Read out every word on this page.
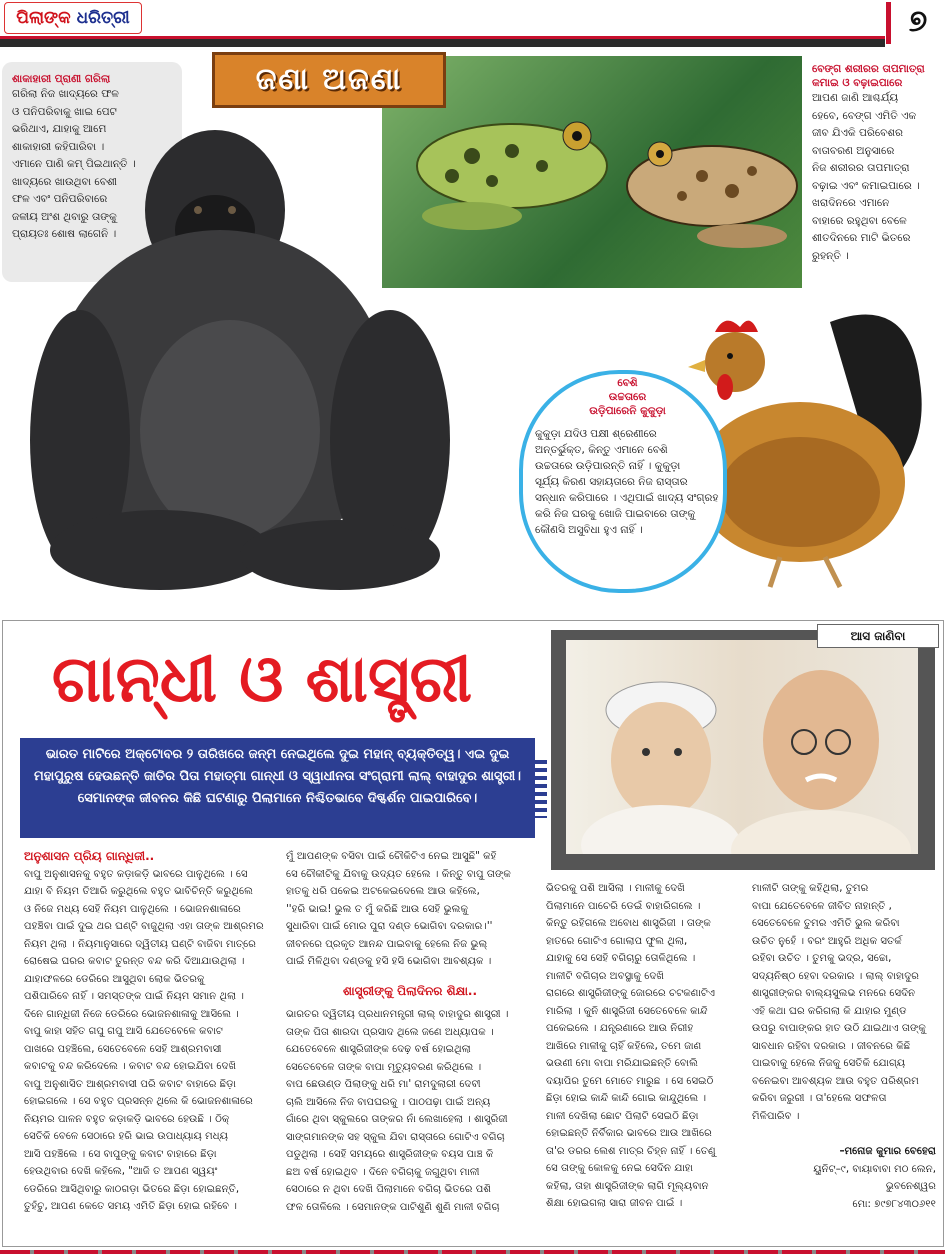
ପିଲାଙ୍କ ଧରିତ୍ରୀ	୭
ଶାକାହାରୀ ପ୍ରାଣୀ ଗରିଲା
ଗରିଲା ନିଜ ଖାଦ୍ୟରେ ଫଳ
ଓ ପନିପରିବାକୁ ଖାଇ ପେଟ
ଭରିଥାଏ, ଯାହାକୁ ଆମେ
ଶାକାହାରୀ କହିପାରିବା ।
ଏମାନେ ପାଣି କମ୍ ପିଇଥାନ୍ତି ।
ଖାଦ୍ୟରେ ଖାଉଥିବା ବେଶୀ
ଫଳ ଏବଂ ପନିପରିବାରେ
ଜଳୀୟ ଅଂଶ ଥିବାରୁ ତାଙ୍କୁ
ପ୍ରାୟତଃ ଶୋଷ ଲାଗେନି ।
ଜଣା ଅଜଣା	ବେଙ୍ଗ ଶରୀରର ତାପମାତ୍ରା
କମାଇ ଓ ବଢ଼ାଇପାରେ
ଆପଣ ଜାଣି ଆଶ୍ଚର୍ଯ୍ୟ
ହେବେ, ବେଙ୍ଗ ଏମିତି ଏକ
ଜୀବ ଯିଏକି ପରିବେଶର
ବାତାବରଣ ଅନୁସାରେ
ନିଜ ଶରୀରର ତାପମାତ୍ରା
ବଢ଼ାଇ ଏବଂ କମାଇପାରେ ।
ଖରାଦିନରେ ଏମାନେ
ବାହାରେ ରହୁଥିବା ବେଳେ
ଶୀତଦିନରେ ମାଟି ଭିତରେ
ରୁହନ୍ତି ।
ବେଶି
ଉଚ୍ଚତାରେ
ଉଡ଼ିପାରେନି କୁକୁଡ଼ା
କୁକୁଡ଼ା ଯଦିଓ ପକ୍ଷୀ ଶ୍ରେଣୀରେ
ଅନ୍ତର୍ଭୁକ୍ତ, କିନ୍ତୁ ଏମାନେ ବେଶି
ଉଚ୍ଚତାରେ ଉଡ଼ିପାରନ୍ତି ନାହିଁ । କୁକୁଡ଼ା
ସୂର୍ଯ୍ୟ କିରଣ ସହାୟତାରେ ନିଜ ରାସ୍ତାର
ସନ୍ଧାନ କରିପାରେ । ଏଥିପାଇଁ ଖାଦ୍ୟ ସଂଗ୍ରହ
କରି ନିଜ ଘରକୁ ଖୋଜି ପାଇବାରେ ତାଙ୍କୁ
କୌଣସି ଅସୁବିଧା ହୁଏ ନାହିଁ ।
ଗାନ୍ଧୀ ଓ ଶାସ୍ତ୍ରୀ
ଆସ ଜାଣିବା
ଭାରତ ମାଟିରେ ଅକ୍ଟୋବର ୨ ତାରିଖରେ ଜନ୍ମ ନେଇଥିଲେ ଦୁଇ ମହାନ୍ ବ୍ୟକ୍ତିତ୍ୱ। ଏଇ ଦୁଇ
ମହାପୁରୁଷ ହେଉଛନ୍ତି ଜାତିର ପିତା ମହାତ୍ମା ଗାନ୍ଧୀ ଓ ସ୍ୱାଧୀନତା ସଂଗ୍ରାମୀ ଲାଲ୍ ବାହାଦୁର ଶାସ୍ତ୍ରୀ।
ସେମାନଙ୍କ ଜୀବନର କିଛି ଘଟଣାରୁ ପିଲାମାନେ ନିଶ୍ଚିତଭାବେ ଦିଗ୍ଦର୍ଶନ ପାଇପାରିବେ।
ଅନୁଶାସନ ପ୍ରିୟ ଗାନ୍ଧିଜୀ..
ବାପୁ ଅନୁଶାସନକୁ ବହୁତ କଡ଼ାକଡ଼ି ଭାବରେ ପାଳୁଥିଲେ । ସେ
ଯାହା ବି ନିୟମ ତିଆରି କରୁଥିଲେ ବହୁତ ଭାବିଚିନ୍ତି କରୁଥିଲେ
ଓ ନିଜେ ମଧ୍ୟ ସେହି ନିୟମ ପାଳୁଥିଲେ । ଭୋଜନଶାଳାରେ
ପହଞ୍ଚିବା ପାଇଁ ଦୁଇ ଥର ଘଣ୍ଟି ବାଜୁଥିଲା ଏହା ତାଙ୍କ ଆଶ୍ରମର
ନିୟମ ଥିଲା । ନିୟମାନୁସାରେ ଦ୍ୱିତୀୟ ଘଣ୍ଟି ବାଜିବା ମାତ୍ରେ
ରୋଷେଇ ଘରର କବାଟ ତୁରନ୍ତ ବନ୍ଦ କରି ଦିଆଯାଉଥିଲା ।
ଯାହାଫଳରେ ଡେରିରେ ଆସୁଥିବା ଲୋକ ଭିତରକୁ
ପଶିପାରିବେ ନାହିଁ । ସମସ୍ତଙ୍କ ପାଇଁ ନିୟମ ସମାନ ଥିଲା ।
ଦିନେ ଗାନ୍ଧିଜୀ ନିଜେ ଡେରିରେ ଭୋଜନଶାଳାକୁ ଆସିଲେ ।
ବାପୁ କାହା ସହିତ ଗପୁ ଗପୁ ଆସି ଯେତେବେଳେ କବାଟ
ପାଖରେ ପହଞ୍ଚିଲେ, ସେତେବେଳେ ସେହି ଆଶ୍ରମବାସୀ
କବାଟକୁ ବନ୍ଦ କରିଦେଲେ । କବାଟ ବନ୍ଦ ହୋଇଯିବା ଦେଖି
ବାପୁ ଅନୁଶାସିତ ଆଶ୍ରମବାସୀ ପରି କବାଟ ବାହାରେ ଛିଡ଼ା
ହୋଇଗଲେ । ସେ ବହୁତ ପ୍ରସନ୍ନ ଥିଲେ କି ଭୋଜନଶାଳାରେ
ନିୟମର ପାଳନ ବହୁତ କଡ଼ାକଡ଼ି ଭାବରେ ହେଉଛି । ଠିକ୍
ସେତିକି ବେଳେ ସେଠାରେ ହରି ଭାଇ ଉପାଧ୍ୟାୟ ମଧ୍ୟ
ଆସି ପହଞ୍ଚିଲେ । ସେ ବାପୁଙ୍କୁ କବାଟ ବାହାରେ ଛିଡ଼ା
ହେଉଥିବାର ଦେଖି କହିଲେ, "ଆଜି ତ ଆପଣ ସ୍ୱୟଂ
ଡେରିରେ ଆସିଥିବାରୁ କାଠଗଡ଼ା ଭିତରେ ଛିଡ଼ା ହୋଇଛନ୍ତି,
ତୁହଁଚୁ, ଆପଣ କେତେ ସମୟ ଏମିତି ଛିଡ଼ା ହୋଇ ରହିବେ ।
ମୁଁ ଆପଣଙ୍କ ବସିବା ପାଇଁ ଚୌକିଟିଏ ନେଇ ଆସୁଛି" କହି
ସେ ଚୌକୀଟିକୁ ଯିବାକୁ ଉଦ୍ୟତ ହେଲେ । କିନ୍ତୁ ବାପୁ ତାଙ୍କ
ହାତକୁ ଧରି ପକେଇ ଅଟକେଇଦେଲେ ଆଉ କହିଲେ,
''ହରି ଭାଇ! ଭୁଲ ତ ମୁଁ କରିଛି ଆଉ ସେହି ଭୁଲକୁ
ସୁଧାରିବା ପାଇଁ ମୋର ପୁରା ଦଣ୍ଡ ଭୋଗିବା ଦରକାର।''
ଜୀବନରେ ପ୍ରକୃତ ଆନନ୍ଦ ପାଇବାକୁ ହେଲେ ନିଜ ଭୁଲ୍
ପାଇଁ ମିଳିଥିବା ଦଣ୍ଡକୁ ହସି ହସି ଭୋଗିବା ଆବଶ୍ୟକ ।
ଶାସ୍ତ୍ରୀଙ୍କୁ ପିଲାଦିନର ଶିକ୍ଷା..
ଭାରତର ଦ୍ୱିତୀୟ ପ୍ରଧାନମନ୍ତ୍ରୀ ଲାଲ୍ ବାହାଦୁର ଶାସ୍ତ୍ରୀ ।
ତାଙ୍କ ପିତା ଶାରଦା ପ୍ରସାଦ ଥିଲେ ଜଣେ ଅଧ୍ୟାପକ ।
ଯେତେବେଳେ ଶାସ୍ତ୍ରିଜୀଙ୍କ ଦେଢ଼ ବର୍ଷ ହୋଇଥିଲା
ସେତେବେଳେ ତାଙ୍କ ବାପା ମୃତ୍ୟୁବରଣ କରିଥିଲେ ।
ବାପ ଛେଉଣ୍ଡ ପିଲାଙ୍କୁ ଧରି ମା' ରାମଦୁଲାରୀ ଦେବୀ
ଚାଲି ଆସିଲେ ନିଜ ବାପଘରକୁ । ପାଠପଢ଼ା ପାଇଁ ଅନ୍ୟ
ଗାଁରେ ଥିବା ସ୍କୁଲରେ ତାଙ୍କର ନାଁ ଲେଖାହେଲା । ଶାସ୍ତ୍ରିଜୀ
ସାଙ୍ଗମାନଙ୍କ ସହ ସ୍କୁଲ ଯିବା ରାସ୍ତାରେ ଗୋଟିଏ ବଗିଚା
ପଡୁଥିଲା । ସେହି ସମୟରେ ଶାସ୍ତ୍ରିଜୀଙ୍କ ବୟସ ପାଞ୍ଚ କି
ଛଅ ବର୍ଷ ହୋଇଥିବ । ଦିନେ ବଗିଚାକୁ ଜଗୁଥିବା ମାଳୀ
ସେଠାରେ ନ ଥିବା ଦେଖି ପିଲାମାନେ ବଗିଚା ଭିତରେ ପଶି
ଫଳ ତୋଳିଲେ । ସେମାନଙ୍କ ପାଟିଶୁଣି ଶୁଣି ମାଳୀ ବଗିଚା
ଭିତରକୁ ପଶି ଆସିଲା । ମାଳୀକୁ ଦେଖି
ପିଲାମାନେ ପାଚେରି ଡେଇଁ ବାହାରିଗଲେ ।
କିନ୍ତୁ ରହିଗଲେ ଅବୋଧ ଶାସ୍ତ୍ରିଜୀ । ତାଙ୍କ
ହାତରେ ଗୋଟିଏ ଗୋଲାପ ଫୁଲ ଥିଲା,
ଯାହାକୁ ସେ ସେହି ବଗିଚାରୁ ତୋଳିଥିଲେ ।
ମାଳୀଟି ବଗିଚାର ଅବସ୍ଥାକୁ ଦେଖି
ରାଗରେ ଶାସ୍ତ୍ରିଜୀଙ୍କୁ ଜୋରରେ ଚଟକଣାଟିଏ
ମାରିଲା । କୁନି ଶାସ୍ତ୍ରିଜୀ ସେତେବେଳେ କାନ୍ଦି
ପକେଇଲେ । ଯନ୍ତ୍ରଣାରେ ଆଉ ନିରୀହ
ଆଖିରେ ମାଳୀକୁ ଚାହିଁ କହିଲେ, ତମେ ଜାଣ
ଭଉଣୀ ମୋ ବାପା ମରିଯାଇଛନ୍ତି ବୋଲି
ଦୟାପିର ତୁମେ ମୋତେ ମାରୁଛ । ସେ ସେଇଠି
ଛିଡ଼ା ହୋଇ କାନ୍ଦି କାନ୍ଦି ଗୋଇ କାନ୍ଦୁଥିଲେ ।
ମାଳୀ ଦେଖିଲା ଛୋଟ ପିଲାଟି ସେଇଠି ଛିଡ଼ା
ହୋଇଛନ୍ତି ନିର୍ବିକାର ଭାବରେ ଆଉ ଆଖିରେ
ତା'ର ଡରର ଲେଶ ମାତ୍ର ଚିହ୍ନ ନାହିଁ । ତେଣୁ
ସେ ତାଙ୍କୁ କୋଳକୁ ନେଇ ସେଦିନ ଯାହା
କହିଲା, ତାହା ଶାସ୍ତ୍ରିଜୀଙ୍କ ଲାଗି ମୂଲ୍ୟବାନ
ଶିକ୍ଷା ହୋଇଗଲା ସାରା ଜୀବନ ପାଇଁ ।
ମାଳୀଟି ତାଙ୍କୁ କହିଥିଲା, ତୁମର
ବାପା ଯେତେବେଳେ ଜୀବିତ ନାହାନ୍ତି ,
ସେତେବେଳେ ତୁମର ଏମିତି ଭୁଲ କରିବା
ଉଚିତ ନୁହେଁ । ବରଂ ଆହୁରି ଅଧିକ ସତର୍କ
ରହିବା ଉଚିତ । ତୁମକୁ ଭଦ୍ର, ସଚ୍ଚୋ,
ସଦ୍ୟନିଷ୍ଠ ହେବା ଦରକାର । ଲାଲ୍ ବାହାଦୁର
ଶାସ୍ତ୍ରୀଙ୍କର ବାଲ୍ୟସୁଲଭ ମନରେ ସେଦିନ
ଏହି କଥା ଘର କରିଗଲା କି ଯାହାର ମୁଣ୍ଡ
ଉପରୁ ବାପାଙ୍କର ହାତ ଉଠି ଯାଇଥାଏ ତାଙ୍କୁ
ସାବଧାନ ରହିବା ଦରକାର । ଜୀବନରେ କିଛି
ପାଇବାକୁ ହେଲେ ନିଜକୁ ସେତିକି ଯୋଗ୍ୟ
ବନେଇବା ଆବଶ୍ୟକ ଆଉ ବହୁତ ପରିଶ୍ରମ
କରିବା ଜରୁରୀ । ତା'ହେଲେ ସଫଳତା
ମିଳିପାରିବ ।
–ମନୋଜ କୁମାର ବେହେରା
ୟୁନିଟ୍–୯, ବାୟାବାବା ମଠ ଲେନ,
ଭୁବନେଶ୍ୱର
ମୋ: ୭୯୭୮୪୩୦୬୧୧
